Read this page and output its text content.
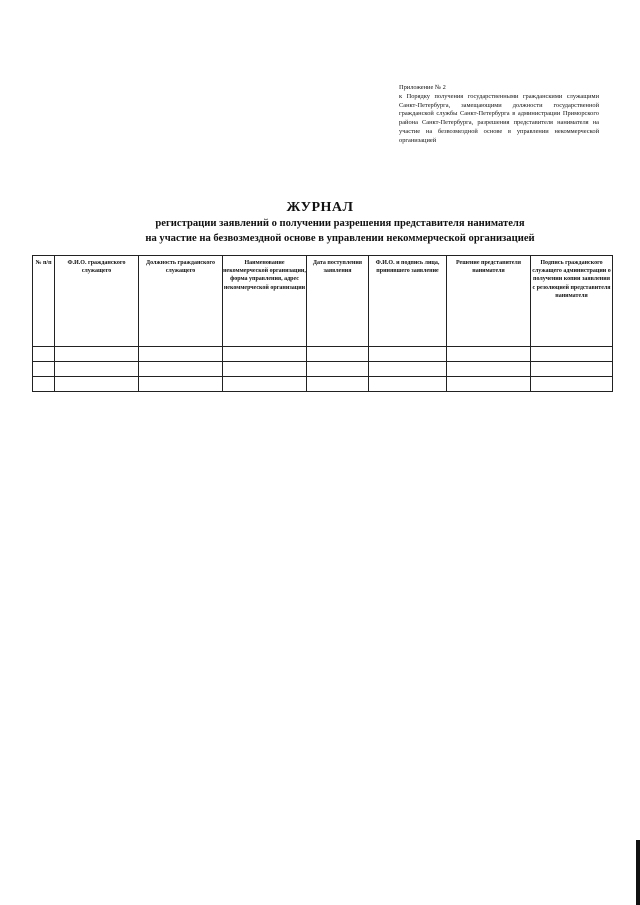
Приложение № 2
к Порядку получения государственными гражданскими служащими Санкт-Петербурга, замещающими должности государственной гражданской службы Санкт-Петербурга в администрации Приморского района Санкт-Петербурга, разрешения представителя нанимателя на участие на безвозмездной основе в управлении некоммерческой организацией
ЖУРНАЛ
регистрации заявлений о получении разрешения представителя нанимателя
на участие на безвозмездной основе в управлении некоммерческой организацией
№ п/п	Ф.И.О. гражданского служащего	Должность гражданского служащего	Наименование некоммерческой организации, форма управления, адрес некоммерческой организации	Дата поступления заявления	Ф.И.О. и подпись лица, принявшего заявление	Решение представителя нанимателя	Подпись гражданского служащего администрации о получении копии заявления с резолюцией представителя нанимателя
